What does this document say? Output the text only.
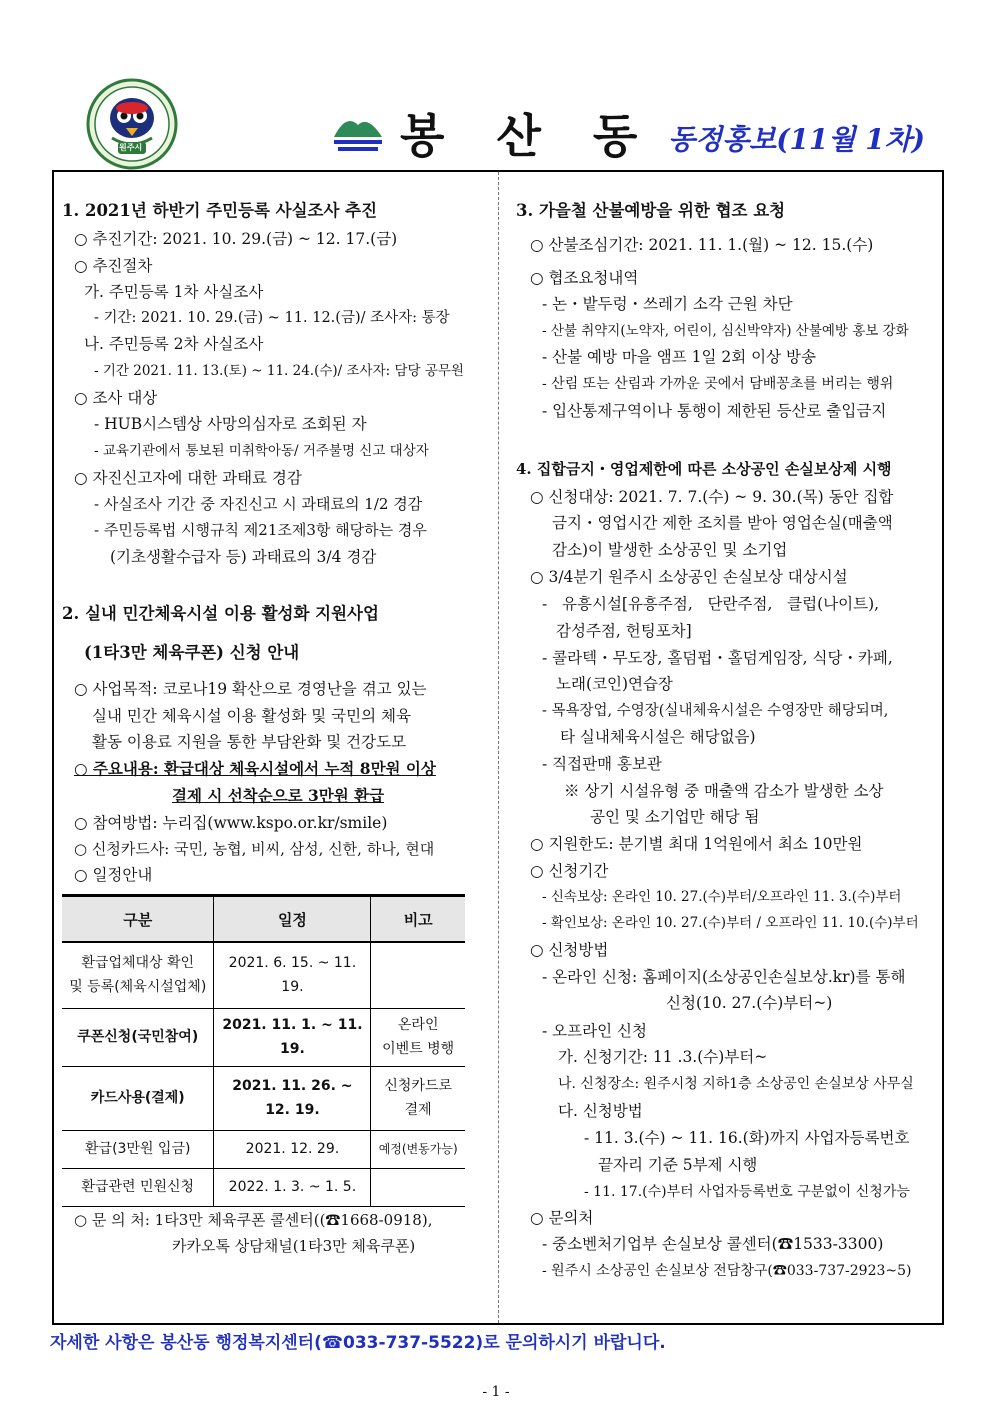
원주시	봉 산 동 동정홍보(11월 1차)
1. 2021년 하반기 주민등록 사실조사 추진
○ 추진기간: 2021. 10. 29.(금) ~ 12. 17.(금)
○ 추진절차
가. 주민등록 1차 사실조사
- 기간: 2021. 10. 29.(금) ~ 11. 12.(금)/ 조사자: 통장
나. 주민등록 2차 사실조사
- 기간 2021. 11. 13.(토) ~ 11. 24.(수)/ 조사자: 담당 공무원
○ 조사 대상
- HUB시스템상 사망의심자로 조회된 자
- 교육기관에서 통보된 미취학아동/ 거주불명 신고 대상자
○ 자진신고자에 대한 과태료 경감
- 사실조사 기간 중 자진신고 시 과태료의 1/2 경감
- 주민등록법 시행규칙 제21조제3항 해당하는 경우
(기초생활수급자 등) 과태료의 3/4 경감
2. 실내 민간체육시설 이용 활성화 지원사업
(1타3만 체육쿠폰) 신청 안내
○ 사업목적: 코로나19 확산으로 경영난을 겪고 있는
실내 민간 체육시설 이용 활성화 및 국민의 체육
활동 이용료 지원을 통한 부담완화 및 건강도모
○ 주요내용: 환급대상 체육시설에서 누적 8만원 이상
결제 시 선착순으로 3만원 환급
○ 참여방법: 누리집(www.kspo.or.kr/smile)
○ 신청카드사: 국민, 농협, 비씨, 삼성, 신한, 하나, 현대
○ 일정안내
○ 문 의 처: 1타3만 체육쿠폰 콜센터((☎1668-0918),
카카오톡 상담채널(1타3만 체육쿠폰)
구분	일정	비고
환급업체대상 확인
및 등록(체육시설업체)	2021. 6. 15. ~ 11. 19.	
쿠폰신청(국민참여)	2021. 11. 1. ~ 11. 19.	온라인
이벤트 병행
카드사용(결제)	2021. 11. 26. ~ 12. 19.	신청카드로
결제
환급(3만원 입금)	2021. 12. 29.	예정(변동가능)
환급관련 민원신청	2022. 1. 3. ~ 1. 5.	
3. 가을철 산불예방을 위한 협조 요청
○ 산불조심기간: 2021. 11. 1.(월) ~ 12. 15.(수)
○ 협조요청내역
- 논・밭두렁・쓰레기 소각 근원 차단
- 산불 취약지(노약자, 어린이, 심신박약자) 산불예방 홍보 강화
- 산불 예방 마을 앰프 1일 2회 이상 방송
- 산림 또는 산림과 가까운 곳에서 담배꽁초를 버리는 행위
- 입산통제구역이나 통행이 제한된 등산로 출입금지
4. 집합금지・영업제한에 따른 소상공인 손실보상제 시행
○ 신청대상: 2021. 7. 7.(수) ~ 9. 30.(목) 동안 집합
금지・영업시간 제한 조치를 받아 영업손실(매출액
감소)이 발생한 소상공인 및 소기업
○ 3/4분기 원주시 소상공인 손실보상 대상시설
-   유흥시설[유흥주점,   단란주점,   클럽(나이트),
감성주점, 헌팅포차]
- 콜라텍・무도장, 홀덤펍・홀덤게임장, 식당・카페,
노래(코인)연습장
- 목욕장업, 수영장(실내체육시설은 수영장만 해당되며,
타 실내체육시설은 해당없음)
- 직접판매 홍보관
※ 상기 시설유형 중 매출액 감소가 발생한 소상
공인 및 소기업만 해당 됨
○ 지원한도: 분기별 최대 1억원에서 최소 10만원
○ 신청기간
- 신속보상: 온라인 10. 27.(수)부터/오프라인 11. 3.(수)부터
- 확인보상: 온라인 10. 27.(수)부터 / 오프라인 11. 10.(수)부터
○ 신청방법
- 온라인 신청: 홈페이지(소상공인손실보상.kr)를 통해
신청(10. 27.(수)부터~)
- 오프라인 신청
가. 신청기간: 11 .3.(수)부터~
나. 신청장소: 원주시청 지하1층 소상공인 손실보상 사무실
다. 신청방법
- 11. 3.(수) ~ 11. 16.(화)까지 사업자등록번호
끝자리 기준 5부제 시행
- 11. 17.(수)부터 사업자등록번호 구분없이 신청가능
○ 문의처
- 중소벤처기업부 손실보상 콜센터(☎1533-3300)
- 원주시 소상공인 손실보상 전담창구(☎033-737-2923~5)
자세한 사항은 봉산동 행정복지센터(☎033-737-5522)로 문의하시기 바랍니다.
- 1 -
